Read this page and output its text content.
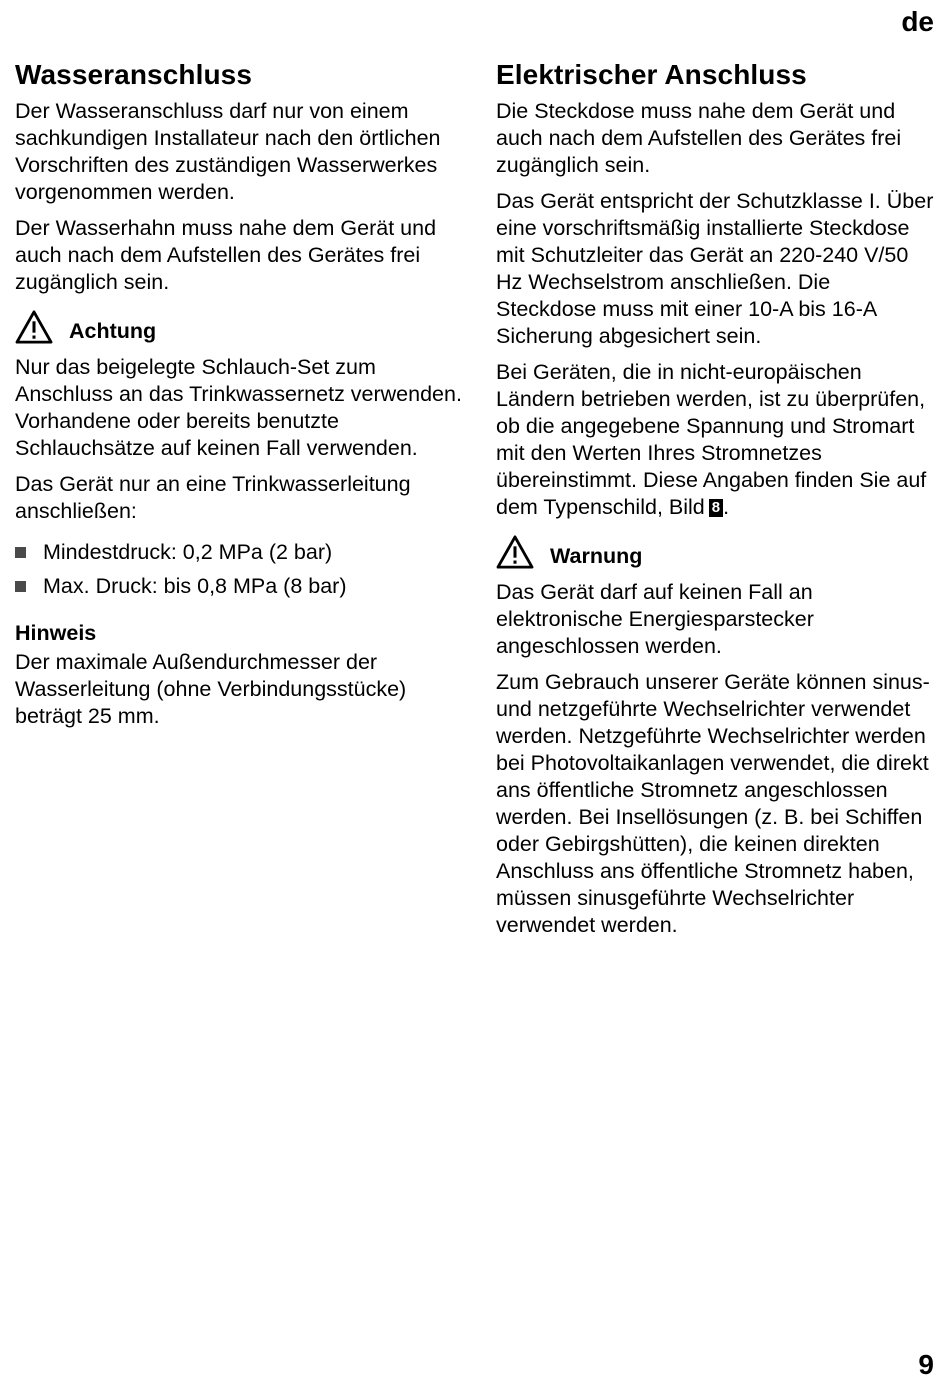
de
Wasseranschluss

Der Wasseranschluss darf nur von einem sachkundigen Installateur nach den örtlichen Vorschriften des zuständigen Wasserwerkes vorgenommen werden.

Der Wasserhahn muss nahe dem Gerät und auch nach dem Aufstellen des Gerätes frei zugänglich sein.

Achtung

Nur das beigelegte Schlauch-Set zum Anschluss an das Trinkwassernetz verwenden. Vorhandene oder bereits benutzte Schlauchsätze auf keinen Fall verwenden.

Das Gerät nur an eine Trinkwasserleitung anschließen:

Mindestdruck: 0,2 MPa (2 bar)
Max. Druck: bis 0,8 MPa (8 bar)
Hinweis

Der maximale Außendurchmesser der Wasserleitung (ohne Verbindungsstücke) beträgt 25 mm.

Elektrischer Anschluss

Die Steckdose muss nahe dem Gerät und auch nach dem Aufstellen des Gerätes frei zugänglich sein.

Das Gerät entspricht der Schutzklasse I. Über eine vorschriftsmäßig installierte Steckdose mit Schutzleiter das Gerät an 220-240 V/50 Hz Wechselstrom anschließen. Die Steckdose muss mit einer 10-A bis 16-A Sicherung abgesichert sein.

Bei Geräten, die in nicht-europäischen Ländern betrieben werden, ist zu überprüfen, ob die angegebene Spannung und Stromart mit den Werten Ihres Stromnetzes übereinstimmt. Diese Angaben finden Sie auf dem Typenschild, Bild 8 .

Warnung

Das Gerät darf auf keinen Fall an elektronische Energiesparstecker angeschlossen werden.

Zum Gebrauch unserer Geräte können sinus- und netzgeführte Wechselrichter verwendet werden. Netzgeführte Wechselrichter werden bei Photovoltaikanlagen verwendet, die direkt ans öffentliche Stromnetz angeschlossen werden. Bei Insellösungen (z. B. bei Schiffen oder Gebirgshütten), die keinen direkten Anschluss ans öffentliche Stromnetz haben, müssen sinusgeführte Wechselrichter verwendet werden.

9
